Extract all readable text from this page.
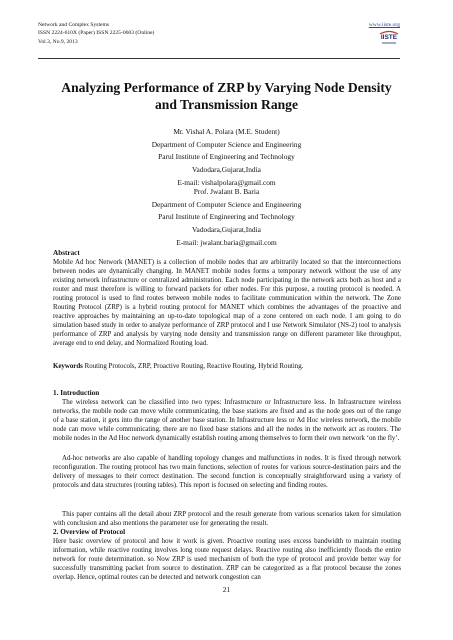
Network and Complex Systems
ISSN 2224-610X (Paper) ISSN 2225-0603 (Online)
Vol.3, No.9, 2013
www.iiste.org
IISTE
Analyzing Performance of ZRP by Varying Node Density
and Transmission Range
Mr. Vishal A. Polara (M.E. Student)
Department of Computer Science and Engineering
Parul Institute of Engineering and Technology
Vadodara,Gujarat,India
E-mail: vishalpolara@gmail.com
Prof. Jwalant B. Baria
Department of Computer Science and Engineering
Parul Institute of Engineering and Technology
Vadodara,Gujarat,India
E-mail: jwalant.baria@gmail.com
Abstract

Mobile Ad hoc Network (MANET) is a collection of mobile nodes that are arbitrarily located so that the interconnections between nodes are dynamically changing. In MANET mobile nodes forms a temporary network without the use of any existing network infrastructure or centralized administration. Each node participating in the network acts both as host and a router and must therefore is willing to forward packets for other nodes. For this purpose, a routing protocol is needed. A routing protocol is used to find routes between mobile nodes to facilitate communication within the network. The Zone Routing Protocol (ZRP) is a hybrid routing protocol for MANET which combines the advantages of the proactive and reactive approaches by maintaining an up-to-date topological map of a zone centered on each node. I am going to do simulation based study in order to analyze performance of ZRP protocol and I use Network Simulator (NS-2) tool to analysis performance of ZRP and analysis by varying node density and transmission range on different parameter like throughput, average end to end delay, and Normalized Routing load.

Keywords Routing Protocols, ZRP, Proactive Routing, Reactive Routing, Hybrid Routing.

1. Introduction

The wireless network can be classified into two types: Infrastructure or Infrastructure less. In Infrastructure wireless networks, the mobile node can move while communicating, the base stations are fixed and as the node goes out of the range of a base station, it gets into the range of another base station. In Infrastructure less or Ad Hoc wireless network, the mobile node can move while communicating, there are no fixed base stations and all the nodes in the network act as routers. The mobile nodes in the Ad Hoc network dynamically establish routing among themselves to form their own network ‘on the fly’.

Ad-hoc networks are also capable of handling topology changes and malfunctions in nodes. It is fixed through network reconfiguration. The routing protocol has two main functions, selection of routes for various source-destination pairs and the delivery of messages to their correct destination. The second function is conceptually straightforward using a variety of protocols and data structures (routing tables). This report is focused on selecting and finding routes.

This paper contains all the detail about ZRP protocol and the result generate from various scenarios taken for simulation with conclusion and also mentions the parameter use for generating the result.

2. Overview of Protocol

Here basic overview of protocol and how it work is given. Proactive routing uses excess bandwidth to maintain routing information, while reactive routing involves long route request delays. Reactive routing also inefficiently floods the entire network for route determination. so Now ZRP is used mechanism of both the type of protocol and provide better way for successfully transmitting packet from source to destination. ZRP can be categorized as a flat protocol because the zones overlap. Hence, optimal routes can be detected and network congestion can

21
